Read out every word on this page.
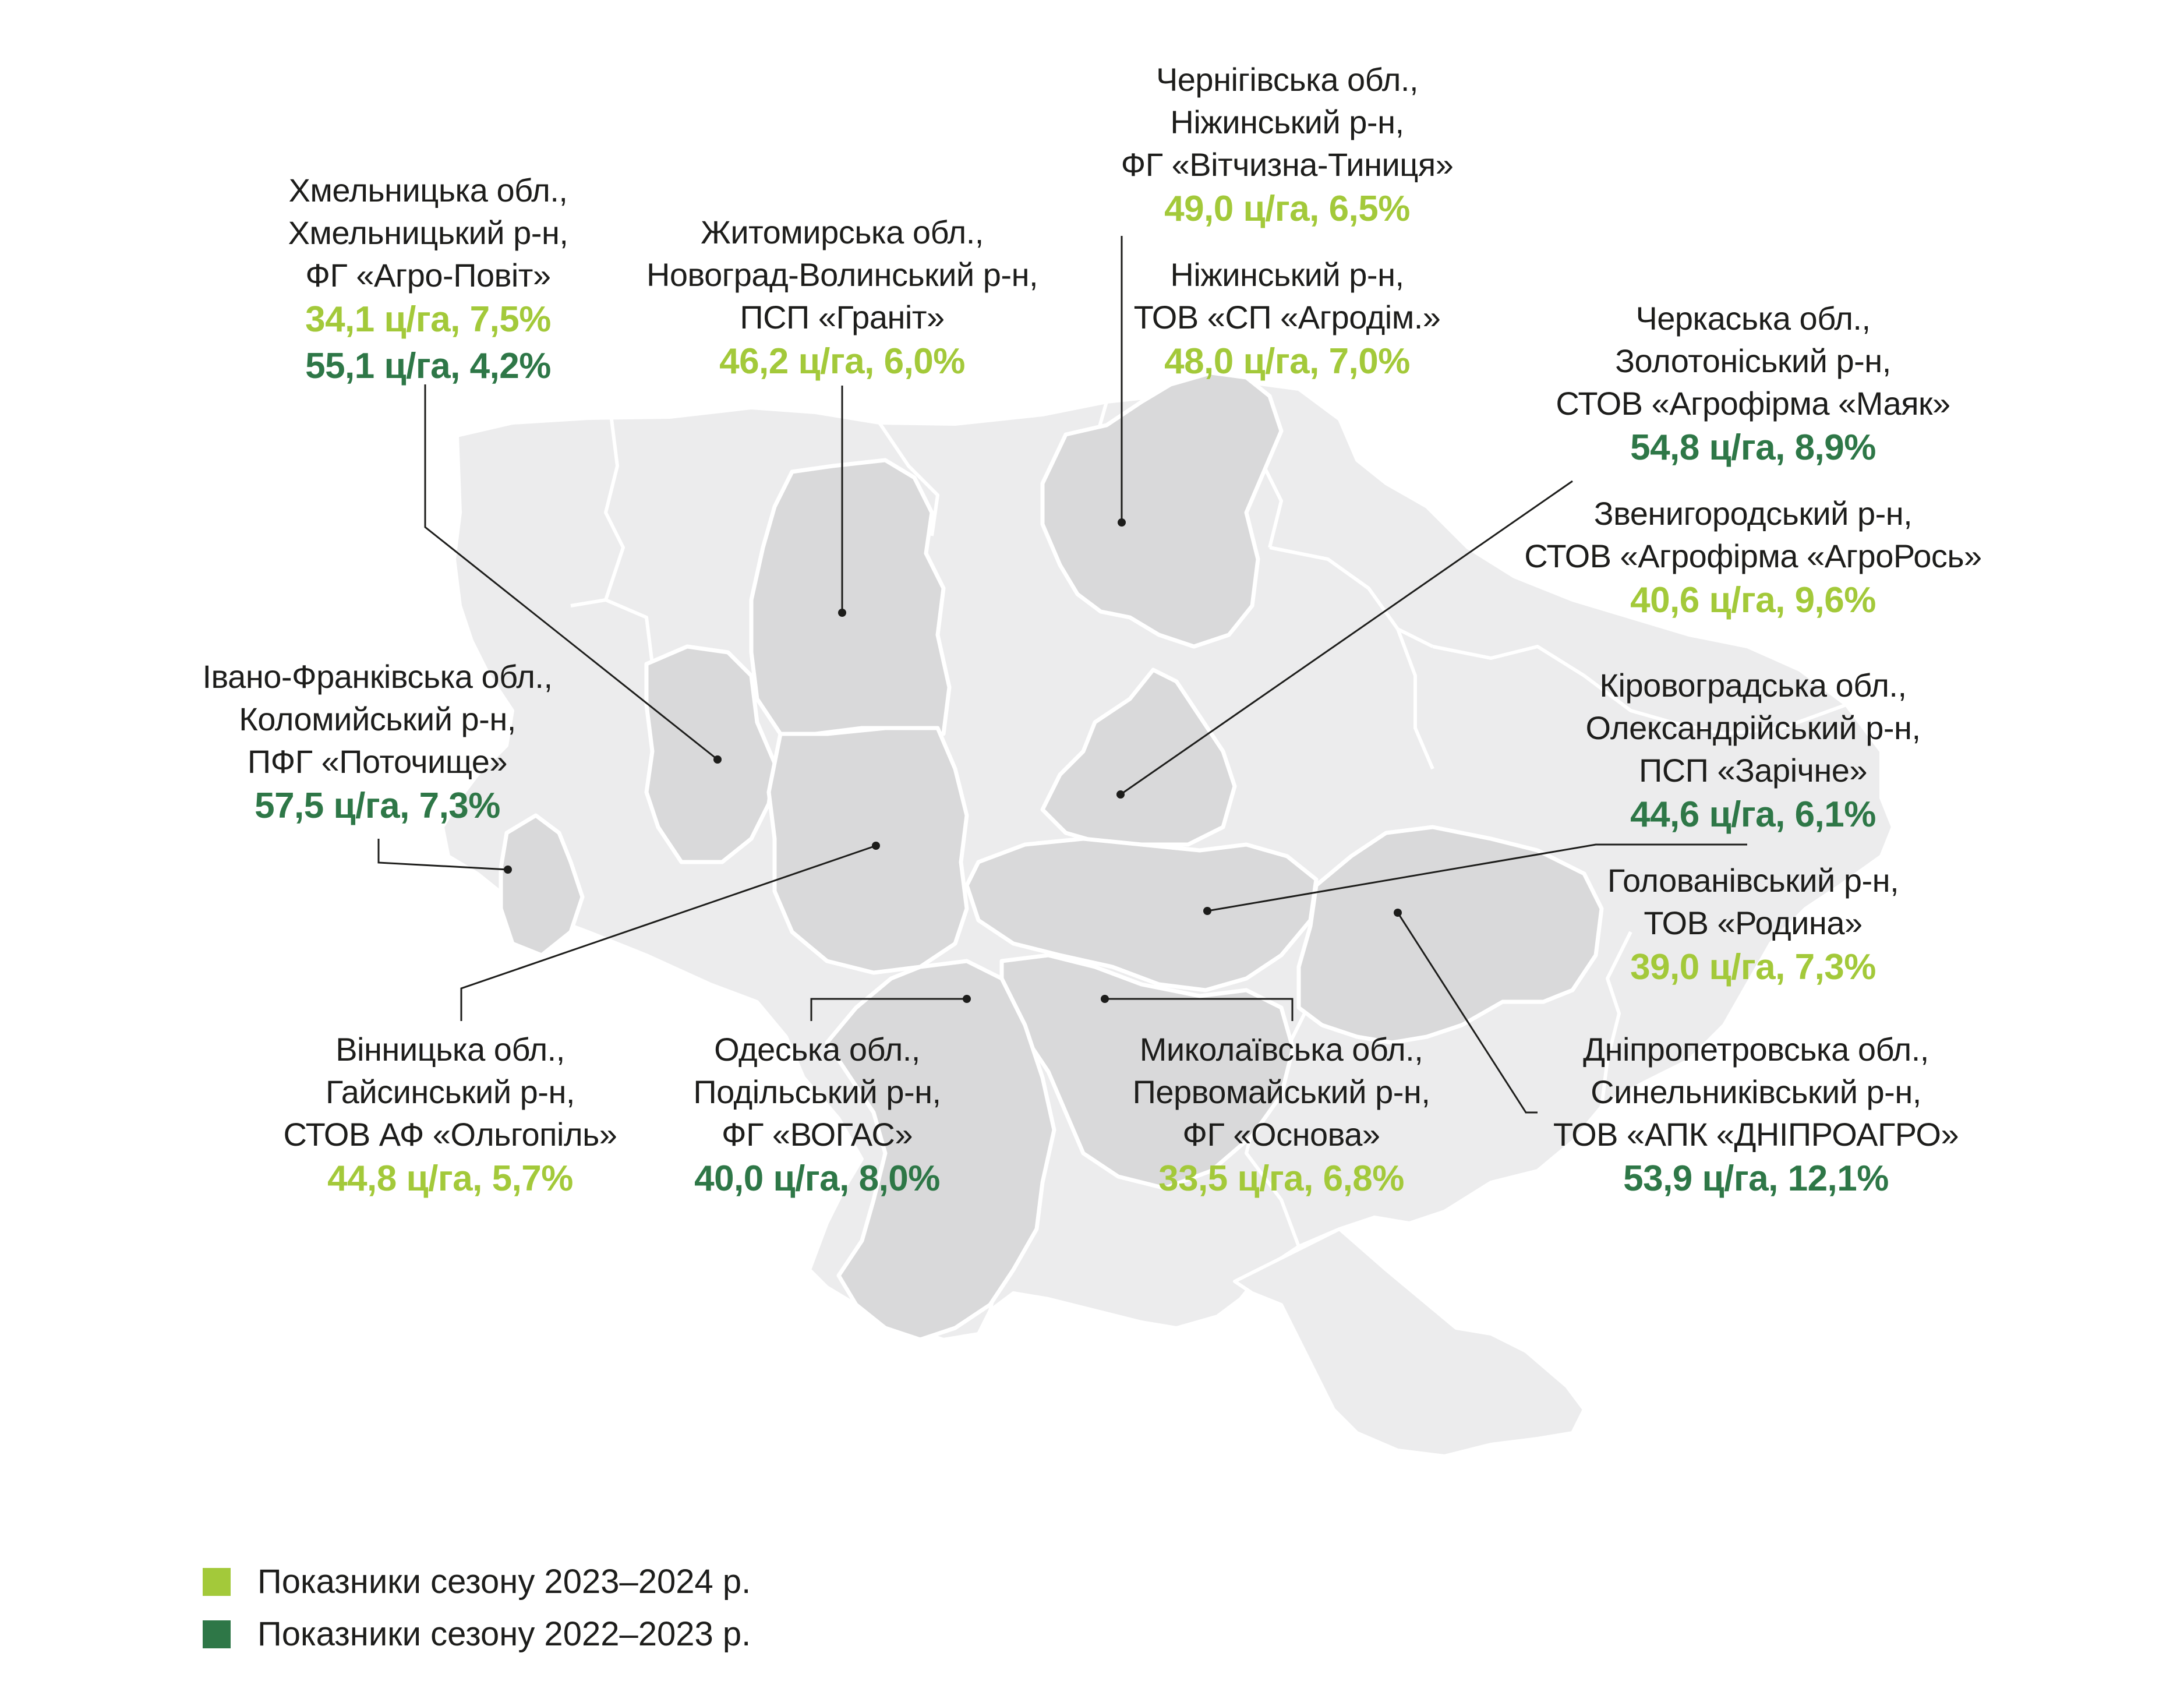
Хмельницька обл.,
Хмельницький р-н,
ФГ «Агро-Повіт»
34,1 ц/га, 7,5%
55,1 ц/га, 4,2%
Житомирська обл.,
Новоград-Волинський р-н,
ПСП «Граніт»
46,2 ц/га, 6,0%
Чернігівська обл.,
Ніжинський р-н,
ФГ «Вітчизна-Тиниця»
49,0 ц/га, 6,5%
Ніжинський р-н,
ТОВ «СП «Агродім.»
48,0 ц/га, 7,0%
Черкаська обл.,
Золотоніський р-н,
СТОВ «Агрофірма «Маяк»
54,8 ц/га, 8,9%
Звенигородський р-н,
СТОВ «Агрофірма «АгроРось»
40,6 ц/га, 9,6%
Івано-Франківська обл.,
Коломийський р-н,
ПФГ «Поточище»
57,5 ц/га, 7,3%
Кіровоградська обл.,
Олександрійський р-н,
ПСП «Зарічне»
44,6 ц/га, 6,1%
Голованівський р-н,
ТОВ «Родина»
39,0 ц/га, 7,3%
Вінницька обл.,
Гайсинський р-н,
СТОВ АФ «Ольгопіль»
44,8 ц/га, 5,7%
Одеська обл.,
Подільський р-н,
ФГ «ВОГАС»
40,0 ц/га, 8,0%
Миколаївська обл.,
Первомайський р-н,
ФГ «Основа»
33,5 ц/га, 6,8%
Дніпропетровська обл.,
Синельниківський р-н,
ТОВ «АПК «ДНІПРОАГРО»
53,9 ц/га, 12,1%
Показники сезону 2023–2024 р.
Показники сезону 2022–2023 р.
